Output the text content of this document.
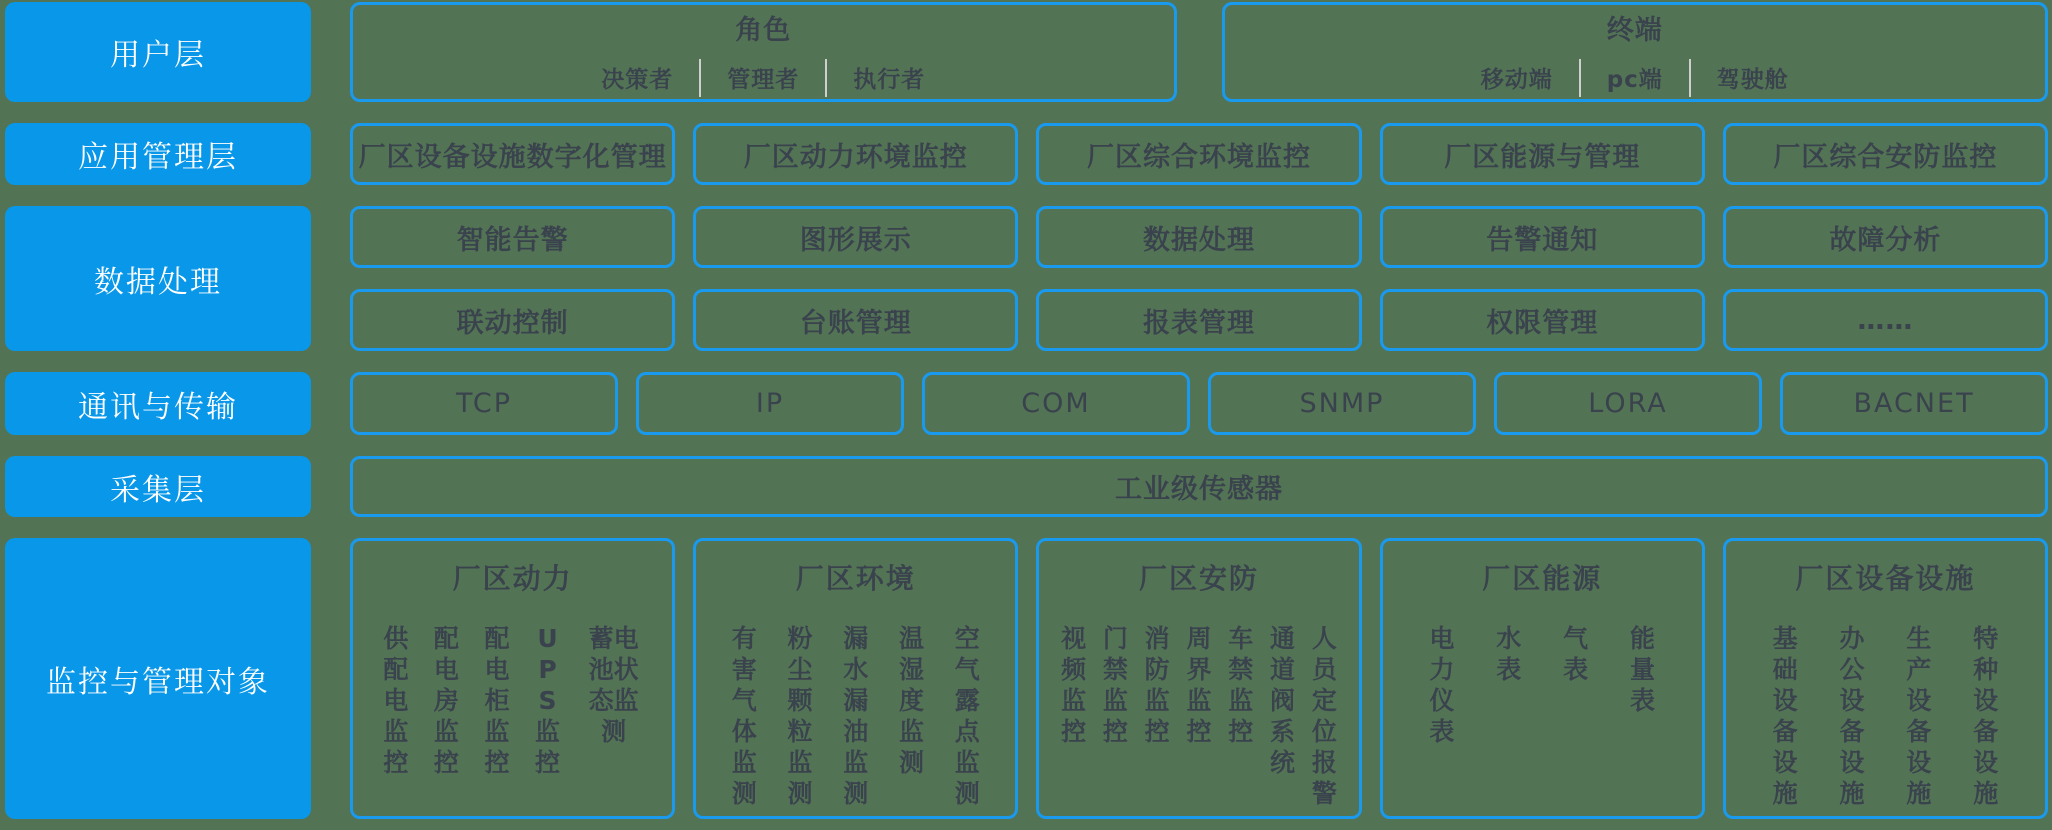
用户层
应用管理层
数据处理
通讯与传输
采集层
监控与管理对象
角色
决策者	管理者	执行者
终端
移动端	pc端	驾驶舱
厂区设备设施数字化管理	厂区动力环境监控	厂区综合环境监控	厂区能源与管理	厂区综合安防监控
智能告警	图形展示	数据处理	告警通知	故障分析
联动控制	台账管理	报表管理	权限管理	……
TCP	IP	COM	SNMP	LORA	BACNET
工业级传感器
厂区动力
供配电监控
配电房监控
配电柜监控
UPS监控
蓄电池状态监测
厂区环境
有害气体监测
粉尘颗粒监测
漏水漏油监测
温湿度监测
空气露点监测
厂区安防
视频监控
门禁监控
消防监控
周界监控
车禁监控
通道阀系统
人员定位报警
厂区能源
电力仪表
水表
气表
能量表
厂区设备设施
基础设备设施
办公设备设施
生产设备设施
特种设备设施
